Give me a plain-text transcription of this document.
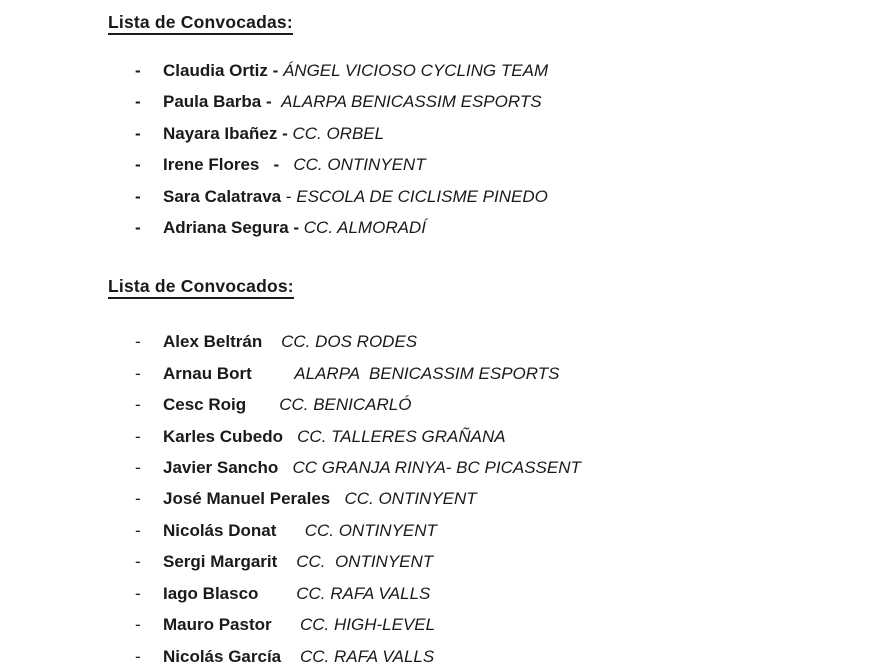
Lista de Convocadas:
-	Claudia Ortiz - ÁNGEL VICIOSO CYCLING TEAM
-	Paula Barba -  ALARPA BENICASSIM ESPORTS
-	Nayara Ibañez - CC. ORBEL
-	Irene Flores   -   CC. ONTINYENT
-	Sara Calatrava - ESCOLA DE CICLISME PINEDO
-	Adriana Segura - CC. ALMORADÍ
Lista de Convocados:
-	Alex Beltrán CC. DOS RODES
-	Arnau Bort	ALARPA  BENICASSIM ESPORTS
-	Cesc Roig CC. BENICARLÓ
-	Karles Cubedo CC. TALLERES GRAÑANA
-	Javier Sancho CC GRANJA RINYA- BC PICASSENT
-	José Manuel Perales CC. ONTINYENT
-	Nicolás Donat CC. ONTINYENT
-	Sergi Margarit CC.  ONTINYENT
-	Iago Blasco CC. RAFA VALLS
-	Mauro Pastor CC. HIGH-LEVEL
-	Nicolás García CC. RAFA VALLS
